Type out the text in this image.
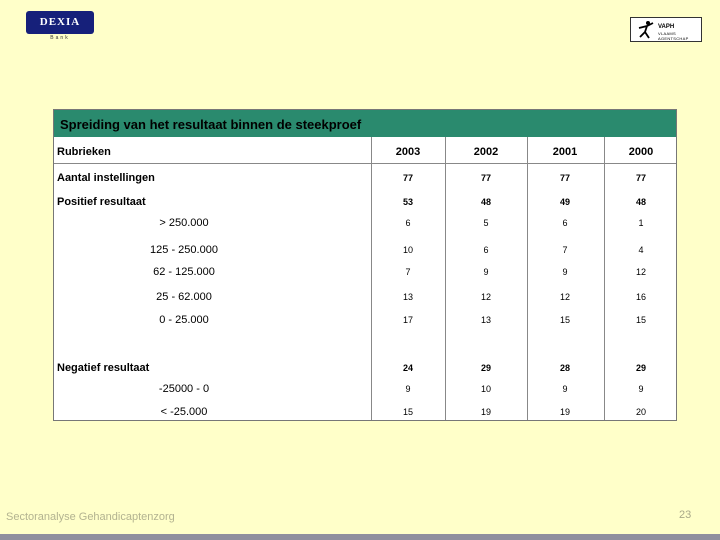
DEXIA
Bank
VAPH
VLAAMS AGENTSCHAP
Spreiding van het resultaat binnen de steekproef
Rubrieken	2003	2002	2001	2000
Aantal instellingen	77	77	77	77
Positief resultaat	53	48	49	48
> 250.000	6	5	6	1
125 - 250.000	10	6	7	4
62 - 125.000	7	9	9	12
25 - 62.000	13	12	12	16
0 - 25.000	17	13	15	15
Negatief resultaat	24	29	28	29
-25000 - 0	9	10	9	9
< -25.000	15	19	19	20
Sectoranalyse Gehandicaptenzorg	23
